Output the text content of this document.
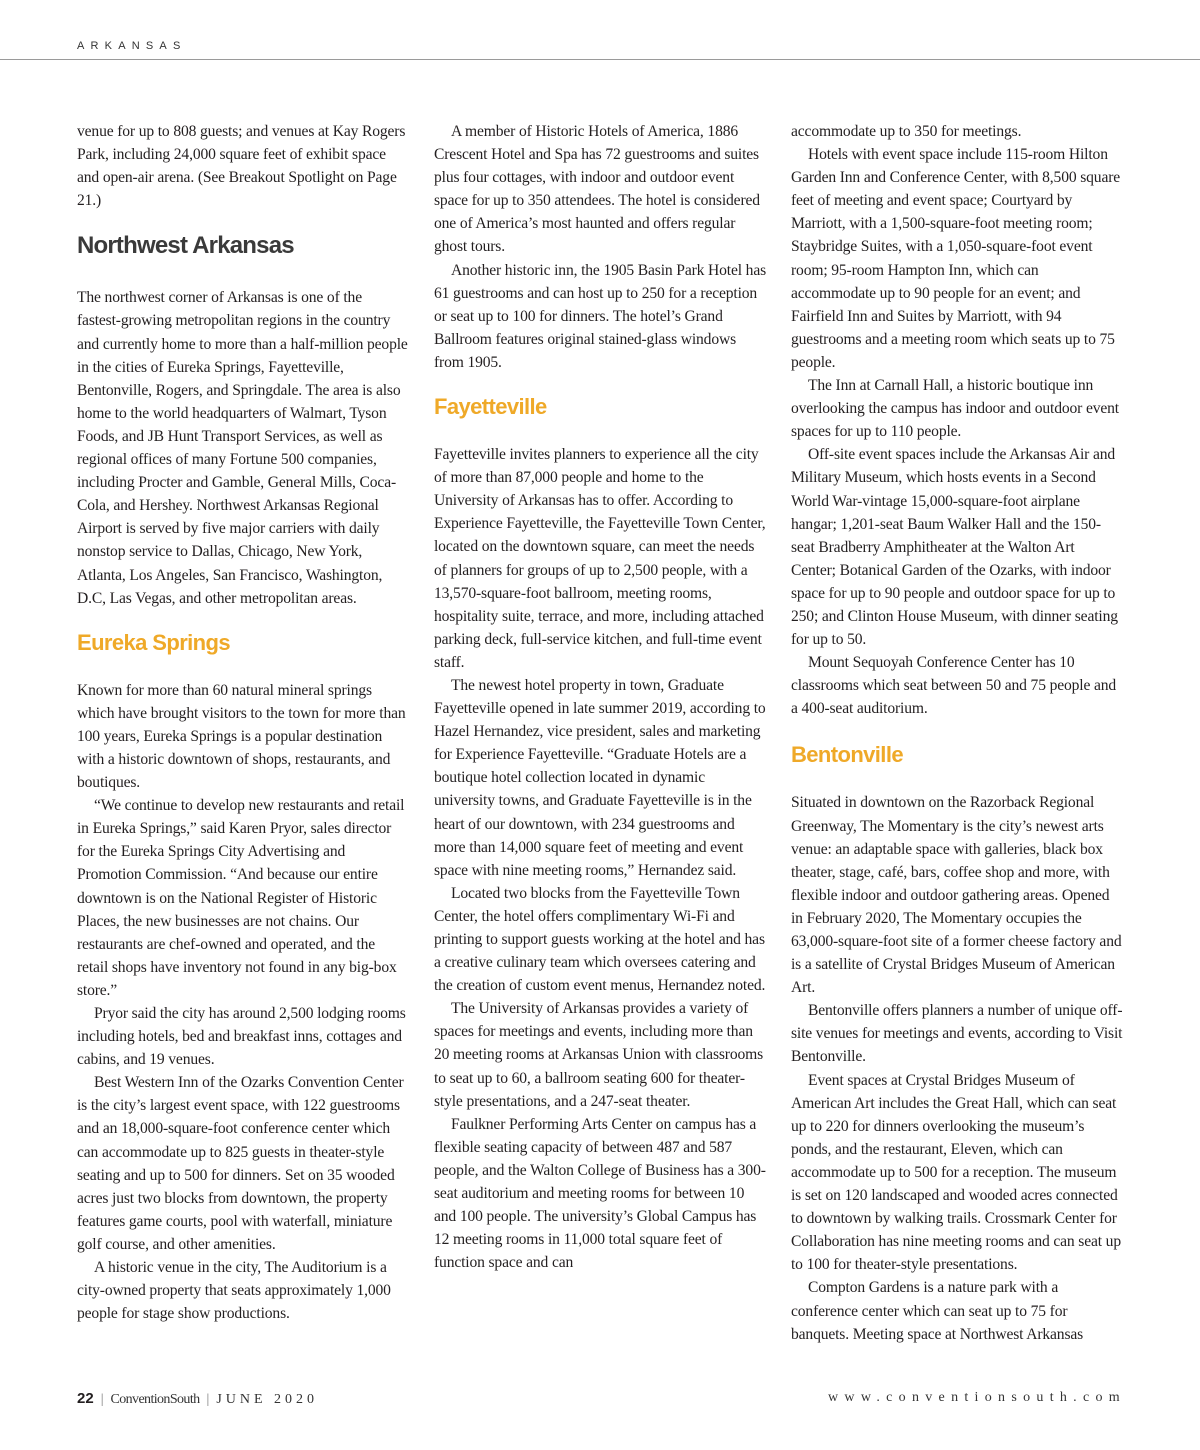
ARKANSAS

venue for up to 808 guests; and venues at Kay Rogers Park, including 24,000 square feet of exhibit space and open-air arena. (See Breakout Spotlight on Page 21.)

Northwest Arkansas

The northwest corner of Arkansas is one of the fastest-growing metropolitan regions in the country and currently home to more than a half-million people in the cities of Eureka Springs, Fayetteville, Bentonville, Rogers, and Springdale. The area is also home to the world headquarters of Walmart, Tyson Foods, and JB Hunt Transport Services, as well as regional offices of many Fortune 500 companies, including Procter and Gamble, General Mills, Coca-Cola, and Hershey. Northwest Arkansas Regional Airport is served by five major carriers with daily nonstop service to Dallas, Chicago, New York, Atlanta, Los Angeles, San Francisco, Washington, D.C, Las Vegas, and other metropolitan areas.

Eureka Springs

Known for more than 60 natural mineral springs which have brought visitors to the town for more than 100 years, Eureka Springs is a popular destination with a historic downtown of shops, restaurants, and boutiques.

“We continue to develop new restaurants and retail in Eureka Springs,” said Karen Pryor, sales director for the Eureka Springs City Advertising and Promotion Commission. “And because our entire downtown is on the National Register of Historic Places, the new businesses are not chains. Our restaurants are chef-owned and operated, and the retail shops have inventory not found in any big-box store.”

Pryor said the city has around 2,500 lodging rooms including hotels, bed and breakfast inns, cottages and cabins, and 19 venues.

Best Western Inn of the Ozarks Convention Center is the city’s largest event space, with 122 guestrooms and an 18,000-square-foot conference center which can accommodate up to 825 guests in theater-style seating and up to 500 for dinners. Set on 35 wooded acres just two blocks from downtown, the property features game courts, pool with waterfall, miniature golf course, and other amenities.

A historic venue in the city, The Auditorium is a city-owned property that seats approximately 1,000 people for stage show productions.

A member of Historic Hotels of America, 1886 Crescent Hotel and Spa has 72 guestrooms and suites plus four cottages, with indoor and outdoor event space for up to 350 attendees. The hotel is considered one of America’s most haunted and offers regular ghost tours.

Another historic inn, the 1905 Basin Park Hotel has 61 guestrooms and can host up to 250 for a reception or seat up to 100 for dinners. The hotel’s Grand Ballroom features original stained-glass windows from 1905.

Fayetteville

Fayetteville invites planners to experience all the city of more than 87,000 people and home to the University of Arkansas has to offer. According to Experience Fayetteville, the Fayetteville Town Center, located on the downtown square, can meet the needs of planners for groups of up to 2,500 people, with a 13,570-square-foot ballroom, meeting rooms, hospitality suite, terrace, and more, including attached parking deck, full-service kitchen, and full-time event staff.

The newest hotel property in town, Graduate Fayetteville opened in late summer 2019, according to Hazel Hernandez, vice president, sales and marketing for Experience Fayetteville. “Graduate Hotels are a boutique hotel collection located in dynamic university towns, and Graduate Fayetteville is in the heart of our downtown, with 234 guestrooms and more than 14,000 square feet of meeting and event space with nine meeting rooms,” Hernandez said.

Located two blocks from the Fayetteville Town Center, the hotel offers complimentary Wi-Fi and printing to support guests working at the hotel and has a creative culinary team which oversees catering and the creation of custom event menus, Hernandez noted.

The University of Arkansas provides a variety of spaces for meetings and events, including more than 20 meeting rooms at Arkansas Union with classrooms to seat up to 60, a ballroom seating 600 for theater-style presentations, and a 247-seat theater.

Faulkner Performing Arts Center on campus has a flexible seating capacity of between 487 and 587 people, and the Walton College of Business has a 300-seat auditorium and meeting rooms for between 10 and 100 people. The university’s Global Campus has 12 meeting rooms in 11,000 total square feet of function space and can

accommodate up to 350 for meetings.

Hotels with event space include 115-room Hilton Garden Inn and Conference Center, with 8,500 square feet of meeting and event space; Courtyard by Marriott, with a 1,500-square-foot meeting room; Staybridge Suites, with a 1,050-square-foot event room; 95-room Hampton Inn, which can accommodate up to 90 people for an event; and Fairfield Inn and Suites by Marriott, with 94 guestrooms and a meeting room which seats up to 75 people.

The Inn at Carnall Hall, a historic boutique inn overlooking the campus has indoor and outdoor event spaces for up to 110 people.

Off-site event spaces include the Arkansas Air and Military Museum, which hosts events in a Second World War-vintage 15,000-square-foot airplane hangar; 1,201-seat Baum Walker Hall and the 150-seat Bradberry Amphitheater at the Walton Art Center; Botanical Garden of the Ozarks, with indoor space for up to 90 people and outdoor space for up to 250; and Clinton House Museum, with dinner seating for up to 50.

Mount Sequoyah Conference Center has 10 classrooms which seat between 50 and 75 people and a 400-seat auditorium.

Bentonville

Situated in downtown on the Razorback Regional Greenway, The Momentary is the city’s newest arts venue: an adaptable space with galleries, black box theater, stage, café, bars, coffee shop and more, with flexible indoor and outdoor gathering areas. Opened in February 2020, The Momentary occupies the 63,000-square-foot site of a former cheese factory and is a satellite of Crystal Bridges Museum of American Art.

Bentonville offers planners a number of unique off-site venues for meetings and events, according to Visit Bentonville.

Event spaces at Crystal Bridges Museum of American Art includes the Great Hall, which can seat up to 220 for dinners overlooking the museum’s ponds, and the restaurant, Eleven, which can accommodate up to 500 for a reception. The museum is set on 120 landscaped and wooded acres connected to downtown by walking trails. Crossmark Center for Collaboration has nine meeting rooms and can seat up to 100 for theater-style presentations.

Compton Gardens is a nature park with a conference center which can seat up to 75 for banquets. Meeting space at Northwest Arkansas

22 | ConventionSouth | JUNE 2020	www.conventionsouth.com
